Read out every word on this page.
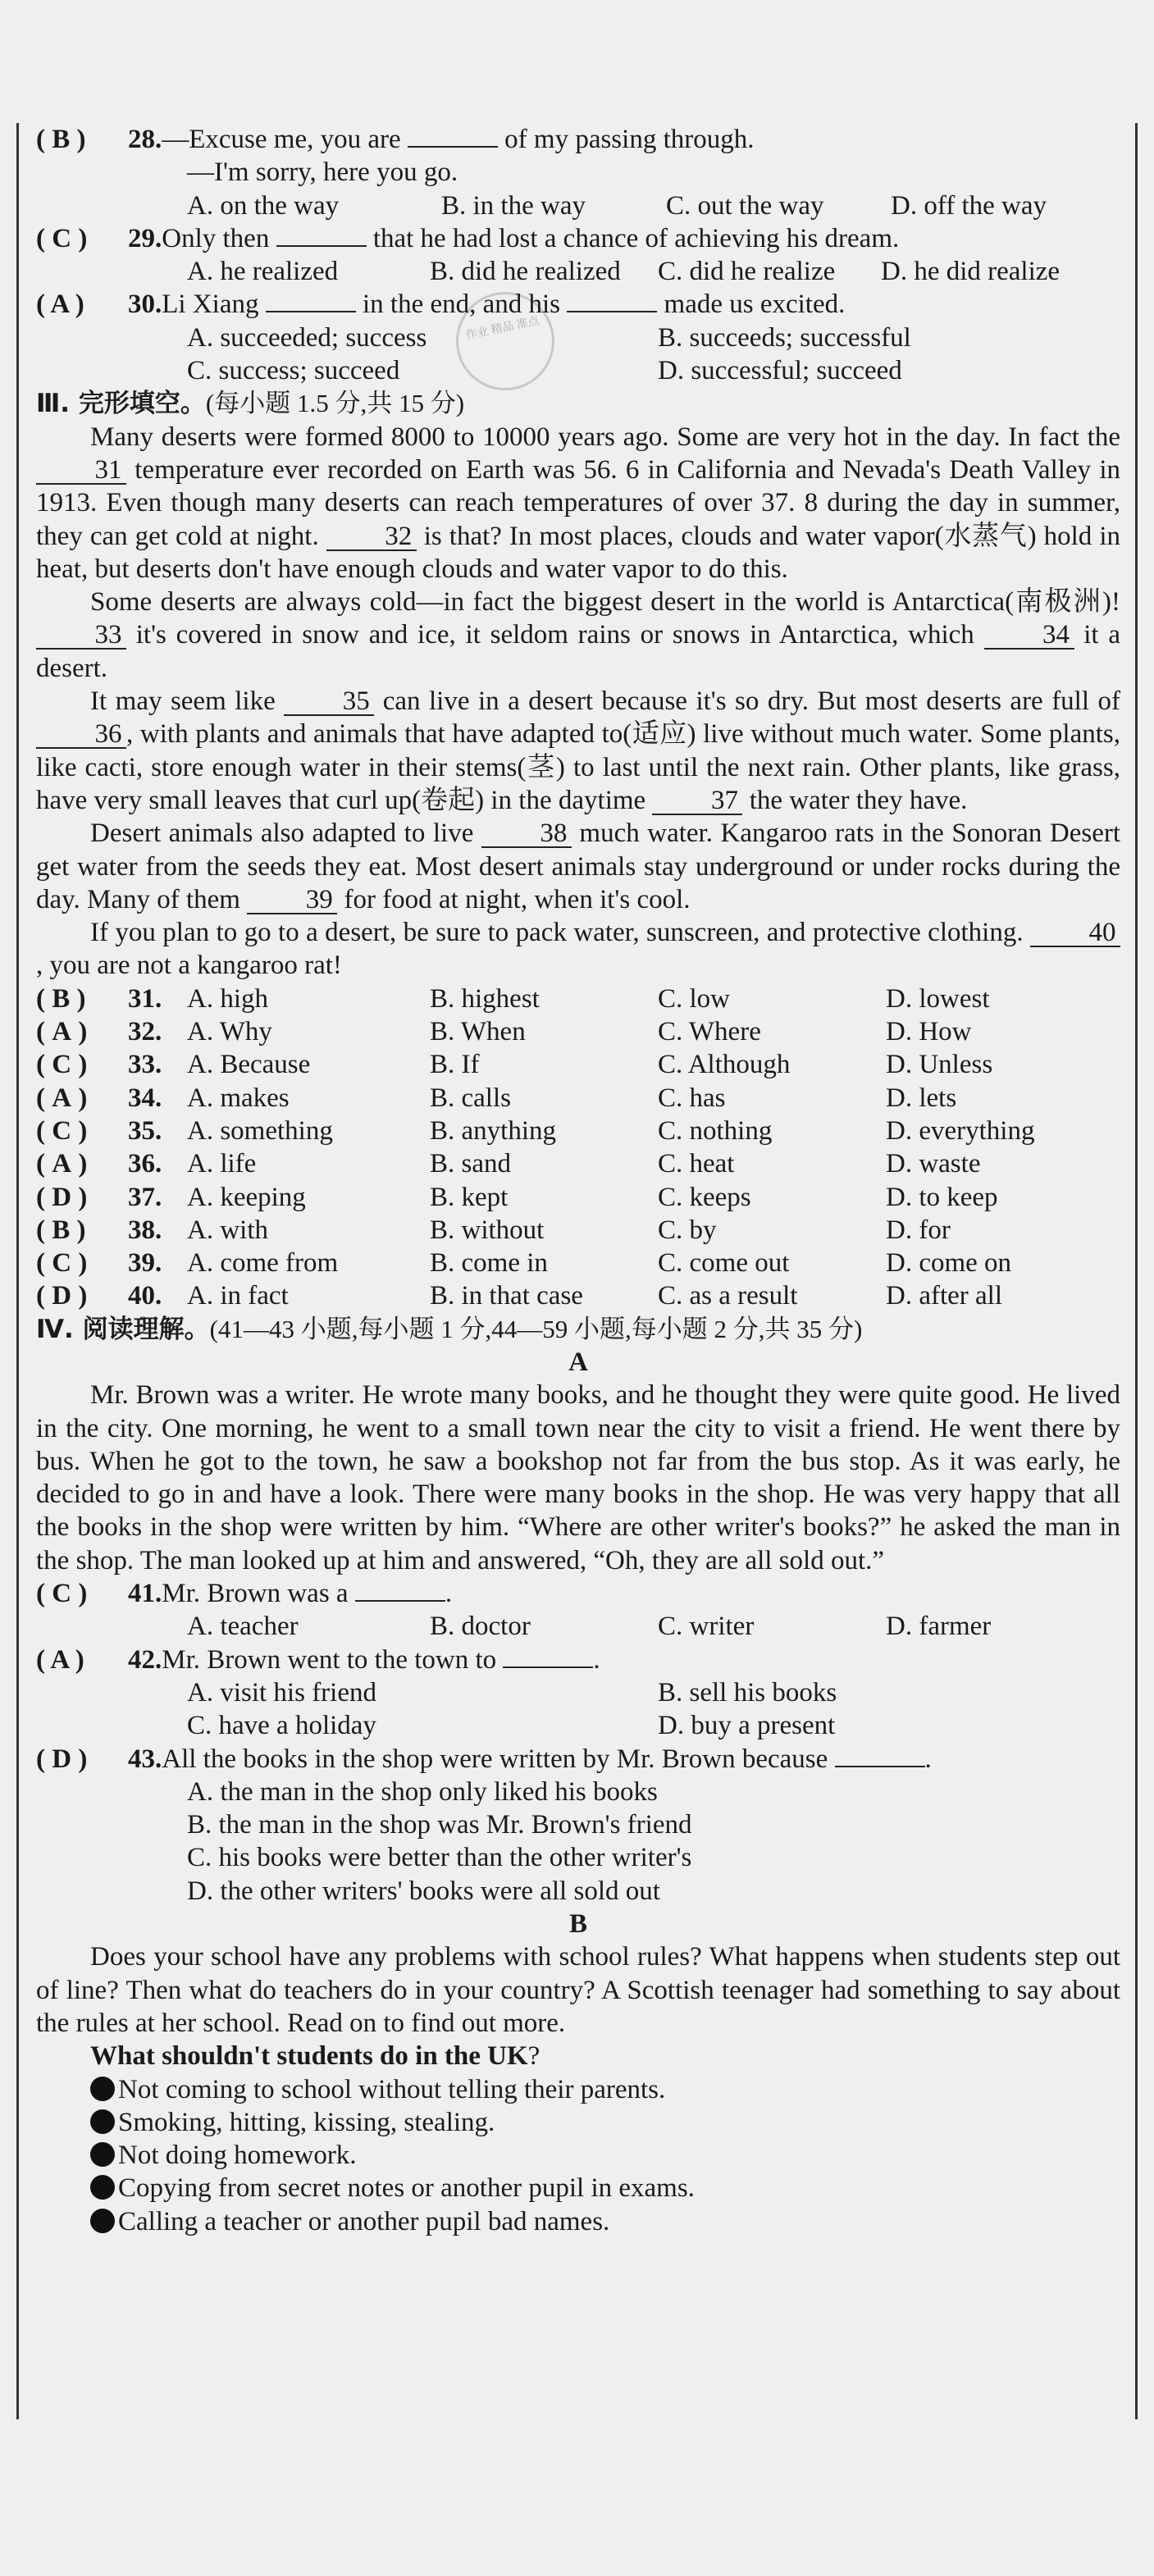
作业 精品 准点
( B ) 28.—Excuse me, you are	of my passing through.
—I'm sorry, here you go.
A. on the way	B. in the way	C. out the way	D. off the way
( C ) 29.Only then	that he had lost a chance of achieving his dream.
A. he realized	B. did he realized	C. did he realize	D. he did realize
( A ) 30.Li Xiang	in the end, and his	made us excited.
A. succeeded; success	B. succeeds; successful
C. success; succeed	D. successful; succeed
Ⅲ. 完形填空。(每小题 1.5 分,共 15 分)
Many deserts were formed 8000 to 10000 years ago. Some are very hot in the day. In fact the 31 temperature ever recorded on Earth was 56. 6 in California and Nevada's Death Valley in 1913. Even though many deserts can reach temperatures of over 37. 8 during the day in summer, they can get cold at night. 32 is that? In most places, clouds and water vapor(水蒸气) hold in heat, but deserts don't have enough clouds and water vapor to do this.
Some deserts are always cold—in fact the biggest desert in the world is Antarctica(南极洲)! 33 it's covered in snow and ice, it seldom rains or snows in Antarctica, which 34 it a desert.
It may seem like 35 can live in a desert because it's so dry. But most deserts are full of 36 , with plants and animals that have adapted to(适应) live without much water. Some plants, like cacti, store enough water in their stems(茎) to last until the next rain. Other plants, like grass, have very small leaves that curl up(卷起) in the daytime 37 the water they have.
Desert animals also adapted to live 38 much water. Kangaroo rats in the Sonoran Desert get water from the seeds they eat. Most desert animals stay underground or under rocks during the day. Many of them 39 for food at night, when it's cool.
If you plan to go to a desert, be sure to pack water, sunscreen, and protective clothing. 40, you are not a kangaroo rat!
( B )	31. A. high	B. highest	C. low	D. lowest
( A )	32. A. Why	B. When	C. Where	D. How
( C )	33. A. Because	B. If	C. Although	D. Unless
( A )	34. A. makes	B. calls	C. has	D. lets
( C )	35. A. something	B. anything	C. nothing	D. everything
( A )	36. A. life	B. sand	C. heat	D. waste
( D )	37. A. keeping	B. kept	C. keeps	D. to keep
( B )	38. A. with	B. without	C. by	D. for
( C )	39. A. come from	B. come in	C. come out	D. come on
( D )	40. A. in fact	B. in that case	C. as a result	D. after all
Ⅳ. 阅读理解。(41—43 小题,每小题 1 分,44—59 小题,每小题 2 分,共 35 分)
A
Mr. Brown was a writer. He wrote many books, and he thought they were quite good. He lived in the city. One morning, he went to a small town near the city to visit a friend. He went there by bus. When he got to the town, he saw a bookshop not far from the bus stop. As it was early, he decided to go in and have a look. There were many books in the shop. He was very happy that all the books in the shop were written by him. “Where are other writer's books?” he asked the man in the shop. The man looked up at him and answered, “Oh, they are all sold out.”
( C ) 41.Mr. Brown was a	.
A. teacher	B. doctor	C. writer	D. farmer
( A ) 42.Mr. Brown went to the town to	.
A. visit his friend	B. sell his books
C. have a holiday	D. buy a present
( D ) 43.All the books in the shop were written by Mr. Brown because	.
A. the man in the shop only liked his books
B. the man in the shop was Mr. Brown's friend
C. his books were better than the other writer's
D. the other writers' books were all sold out
B
Does your school have any problems with school rules? What happens when students step out of line? Then what do teachers do in your country? A Scottish teenager had something to say about the rules at her school. Read on to find out more.
What shouldn't students do in the UK?
Not coming to school without telling their parents.
Smoking, hitting, kissing, stealing.
Not doing homework.
Copying from secret notes or another pupil in exams.
Calling a teacher or another pupil bad names.
